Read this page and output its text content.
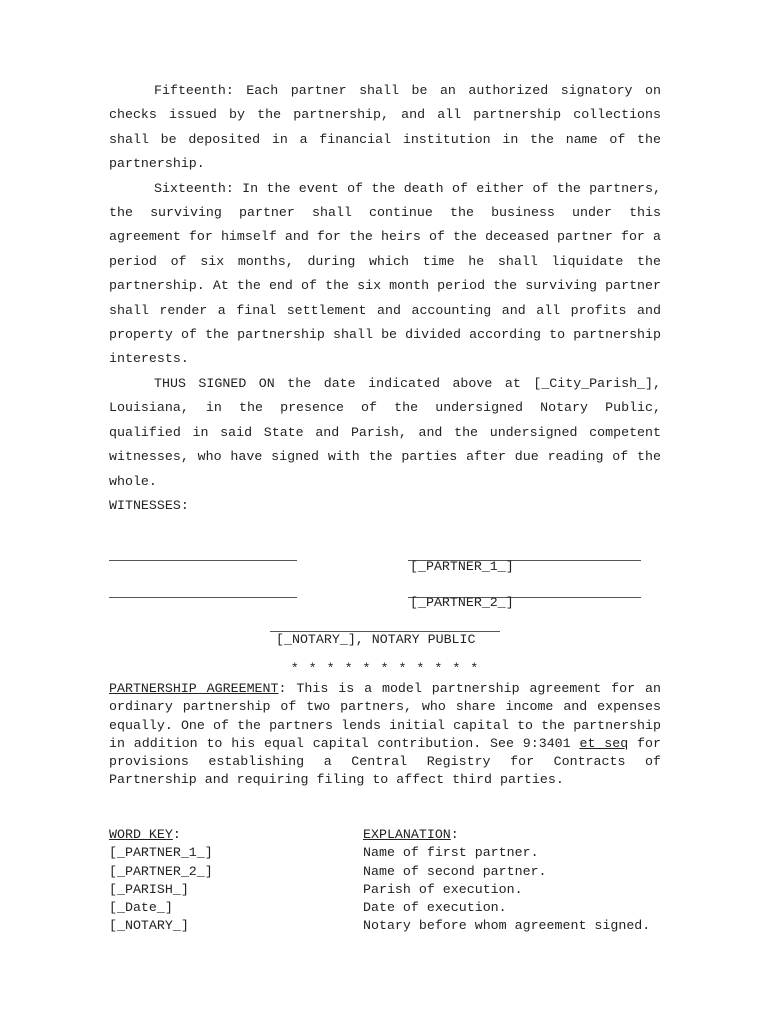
Fifteenth: Each partner shall be an authorized signatory on checks issued by the partnership, and all partnership collections shall be deposited in a financial institution in the name of the partnership.

Sixteenth: In the event of the death of either of the partners, the surviving partner shall continue the business under this agreement for himself and for the heirs of the deceased partner for a period of six months, during which time he shall liquidate the partnership. At the end of the six month period the surviving partner shall render a final settlement and accounting and all profits and property of the partnership shall be divided according to partnership interests.

THUS SIGNED ON the date indicated above at [_City_Parish_], Louisiana, in the presence of the undersigned Notary Public, qualified in said State and Parish, and the undersigned competent witnesses, who have signed with the parties after due reading of the whole.

WITNESSES:

[_PARTNER_1_]
[_PARTNER_2_]
[_NOTARY_], NOTARY PUBLIC
* * * * * * * * * * *
PARTNERSHIP AGREEMENT: This is a model partnership agreement for an ordinary partnership of two partners, who share income and expenses equally. One of the partners lends initial capital to the partnership in addition to his equal capital contribution. See 9:3401 et seq for provisions establishing a Central Registry for Contracts of Partnership and requiring filing to affect third parties.
WORD KEY:	EXPLANATION:
[_PARTNER_1_]	Name of first partner.
[_PARTNER_2_]	Name of second partner.
[_PARISH_]	Parish of execution.
[_Date_]	Date of execution.
[_NOTARY_]	Notary before whom agreement signed.
